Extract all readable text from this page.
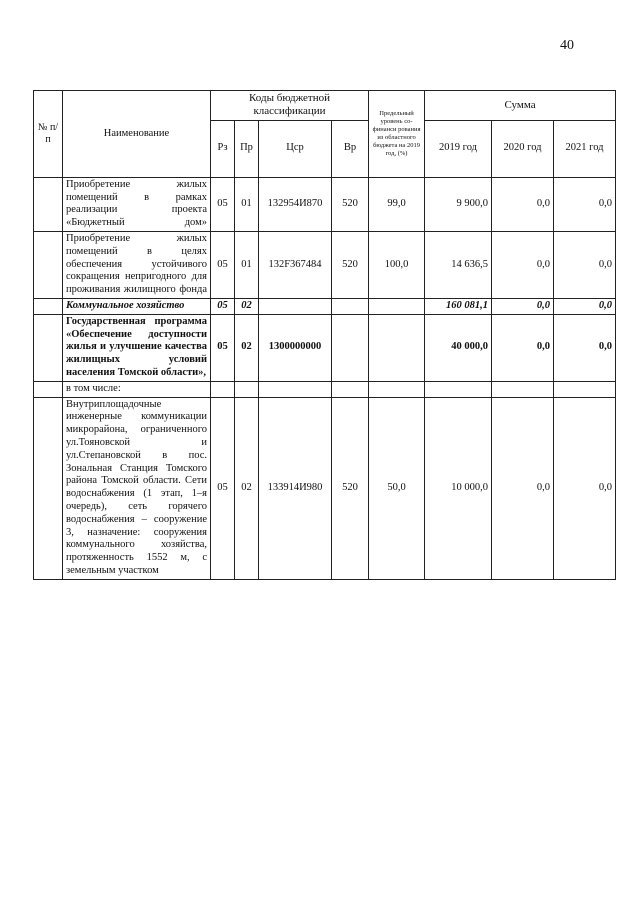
40
№ п/п	Наименование	Коды бюджетной классификации				Предельный уровень со-финанси рования из областного бюджета на 2019 год, (%)	Сумма		
		Рз	Пр	Цср	Вр		2019 год	2020 год	2021 год
	Приобретение жилых помещений в рамках реализации проекта «Бюджетный дом»	05	01	132954И870	520	99,0	9 900,0	0,0	0,0
	Приобретение жилых помещений в целях обеспечения устойчивого сокращения непригодного для проживания жилищного фонда	05	01	132F367484	520	100,0	14 636,5	0,0	0,0
	Коммунальное хозяйство	05	02				160 081,1	0,0	0,0
	Государственная программа «Обеспечение доступности жилья и улучшение качества жилищных условий населения Томской области»,	05	02	1300000000			40 000,0	0,0	0,0
	в том числе:								
	Внутриплощадочные инженерные коммуникации микрорайона, ограниченного ул.Тояновской и ул.Степановской в пос. Зональная Станция Томского района Томской области. Сети водоснабжения (1 этап, 1–я очередь), сеть горячего водоснабжения – сооружение 3, назначение: сооружения коммунального хозяйства, протяженность 1552 м, с земельным участком	05	02	133914И980	520	50,0	10 000,0	0,0	0,0
